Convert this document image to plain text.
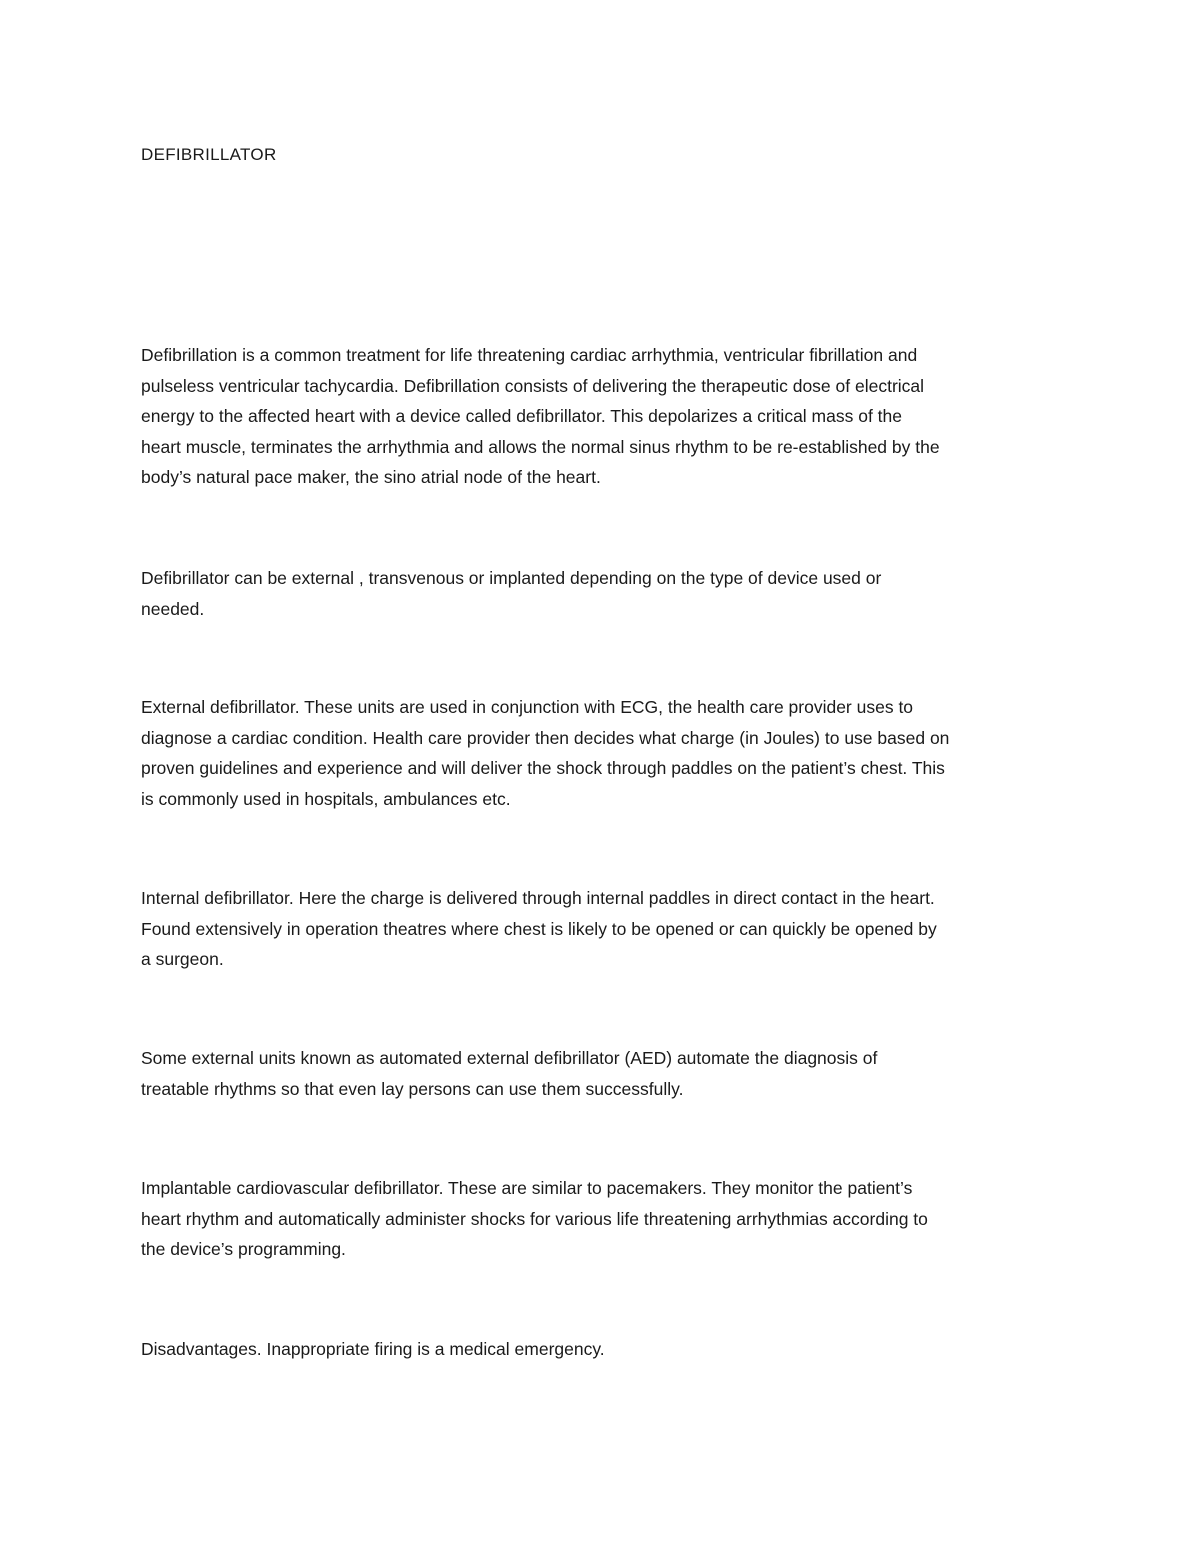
DEFIBRILLATOR

Defibrillation is a common treatment for life threatening cardiac arrhythmia, ventricular fibrillation and
pulseless ventricular tachycardia. Defibrillation consists of delivering the therapeutic dose of electrical
energy to the affected heart with a device called defibrillator. This depolarizes a critical mass of the
heart muscle, terminates the arrhythmia and allows the normal sinus rhythm to be re-established by the
body’s natural pace maker, the sino atrial node of the heart.

Defibrillator can be external , transvenous or implanted depending on the type of device used or
needed.

External defibrillator. These units are used in conjunction with ECG, the health care provider uses to
diagnose a cardiac condition. Health care provider then decides what charge (in Joules) to use based on
proven guidelines and experience and will deliver the shock through paddles on the patient’s chest. This
is commonly used in hospitals, ambulances etc.

Internal defibrillator. Here the charge is delivered through internal paddles in direct contact in the heart.
Found extensively in operation theatres where chest is likely to be opened or can quickly be opened by
a surgeon.

Some external units known as automated external defibrillator (AED) automate the diagnosis of
treatable rhythms so that even lay persons can use them successfully.

Implantable cardiovascular defibrillator. These are similar to pacemakers. They monitor the patient’s
heart rhythm and automatically administer shocks for various life threatening arrhythmias according to
the device’s programming.

Disadvantages. Inappropriate firing is a medical emergency.
